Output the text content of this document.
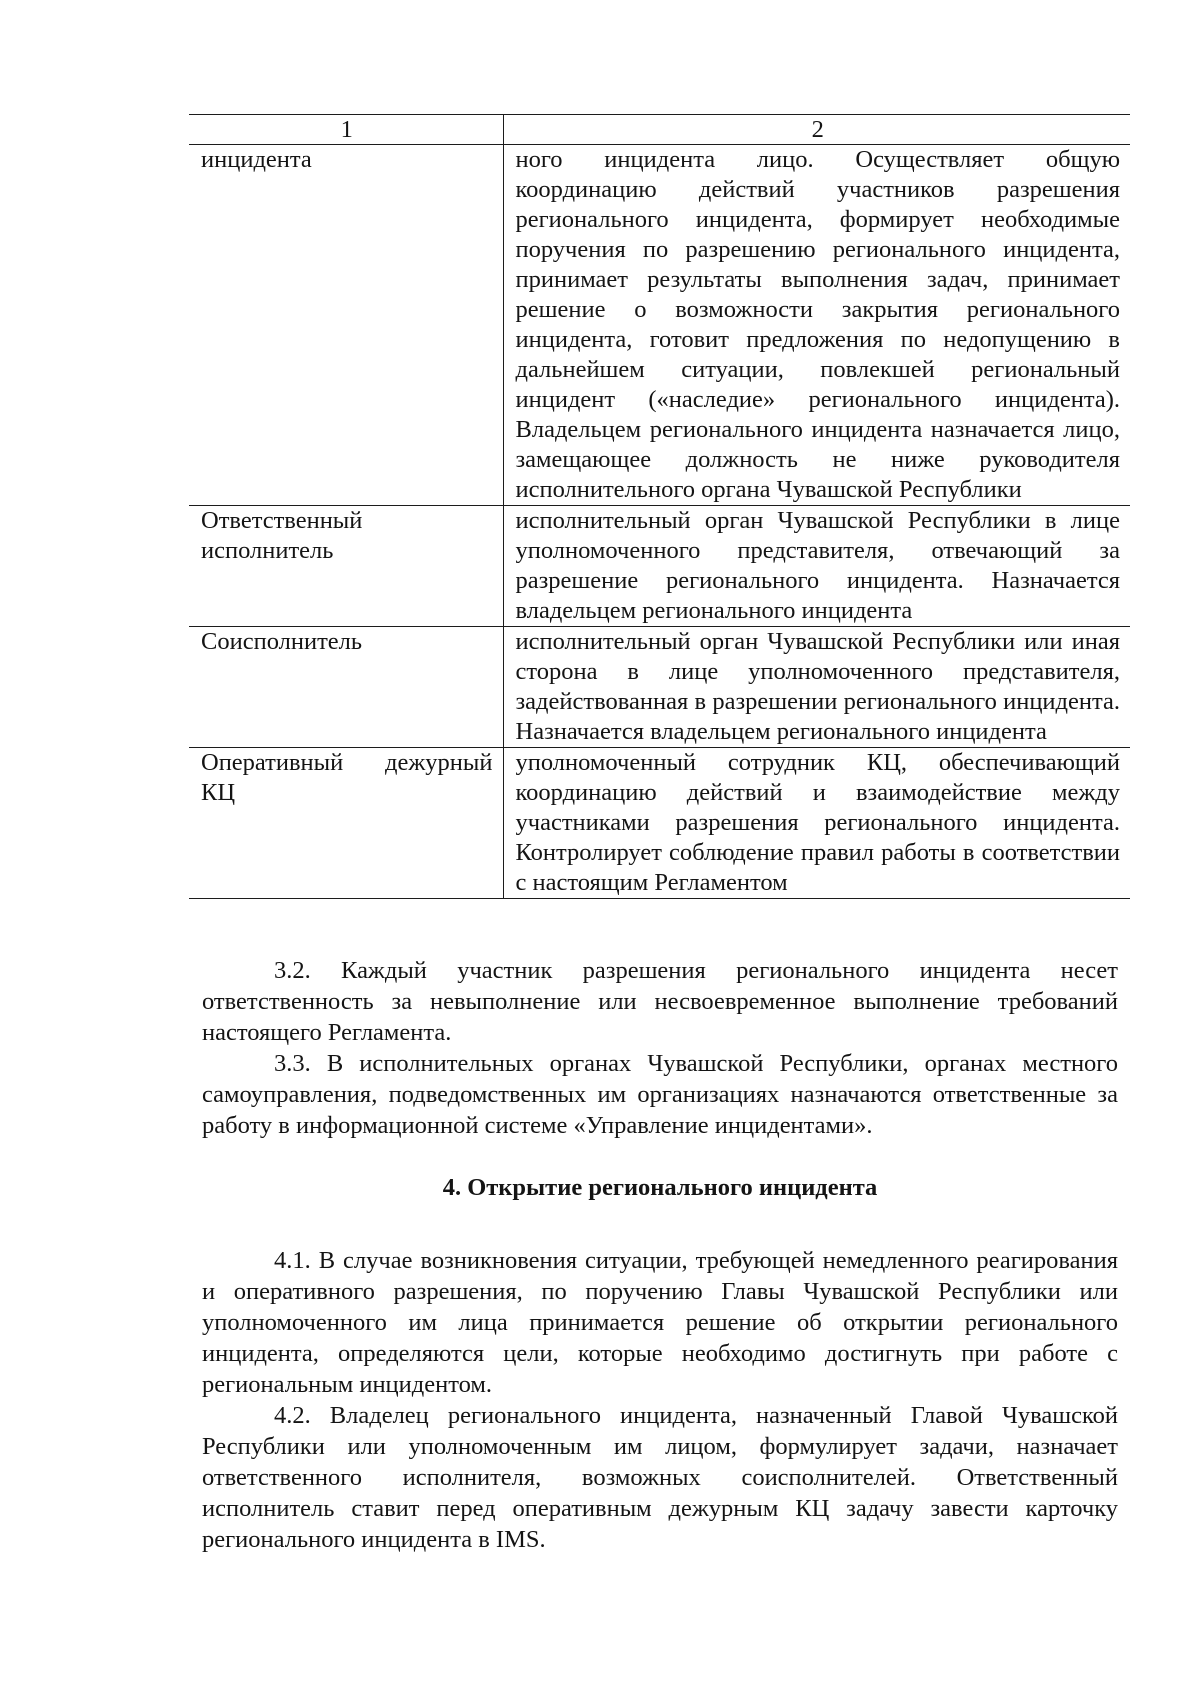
1	2
инцидента	ного инцидента лицо. Осуществляет общую координацию действий участников разрешения регионального инцидента, формирует необходимые поручения по разрешению регионального инцидента, принимает результаты выполнения задач, принимает решение о возможности закрытия регионального инцидента, готовит предложения по недопущению в дальнейшем ситуации, повлекшей региональный инцидент («наследие» регионального инцидента). Владельцем регионального инцидента назначается лицо, замещающее должность не ниже руководителя исполнительного органа Чувашской Республики
Ответственный исполнитель	исполнительный орган Чувашской Республики в лице уполномоченного представителя, отвечающий за разрешение регионального инцидента. Назначается владельцем регионального инцидента
Соисполнитель	исполнительный орган Чувашской Республики или иная сторона в лице уполномоченного представителя, задействованная в разрешении регионального инцидента. Назначается владельцем регионального инцидента
Оперативный дежурный КЦ	уполномоченный сотрудник КЦ, обеспечивающий координацию действий и взаимодействие между участниками разрешения регионального инцидента. Контролирует соблюдение правил работы в соответствии с настоящим Регламентом

3.2. Каждый участник разрешения регионального инцидента несет ответственность за невыполнение или несвоевременное выполнение требований настоящего Регламента.

3.3. В исполнительных органах Чувашской Республики, органах местного самоуправления, подведомственных им организациях назначаются ответственные за работу в информационной системе «Управление инцидентами».

4. Открытие регионального инцидента

4.1. В случае возникновения ситуации, требующей немедленного реагирования и оперативного разрешения, по поручению Главы Чувашской Республики или уполномоченного им лица принимается решение об открытии регионального инцидента, определяются цели, которые необходимо достигнуть при работе с региональным инцидентом.

4.2. Владелец регионального инцидента, назначенный Главой Чувашской Республики или уполномоченным им лицом, формулирует задачи, назначает ответственного исполнителя, возможных соисполнителей. Ответственный исполнитель ставит перед оперативным дежурным КЦ задачу завести карточку регионального инцидента в IMS.
